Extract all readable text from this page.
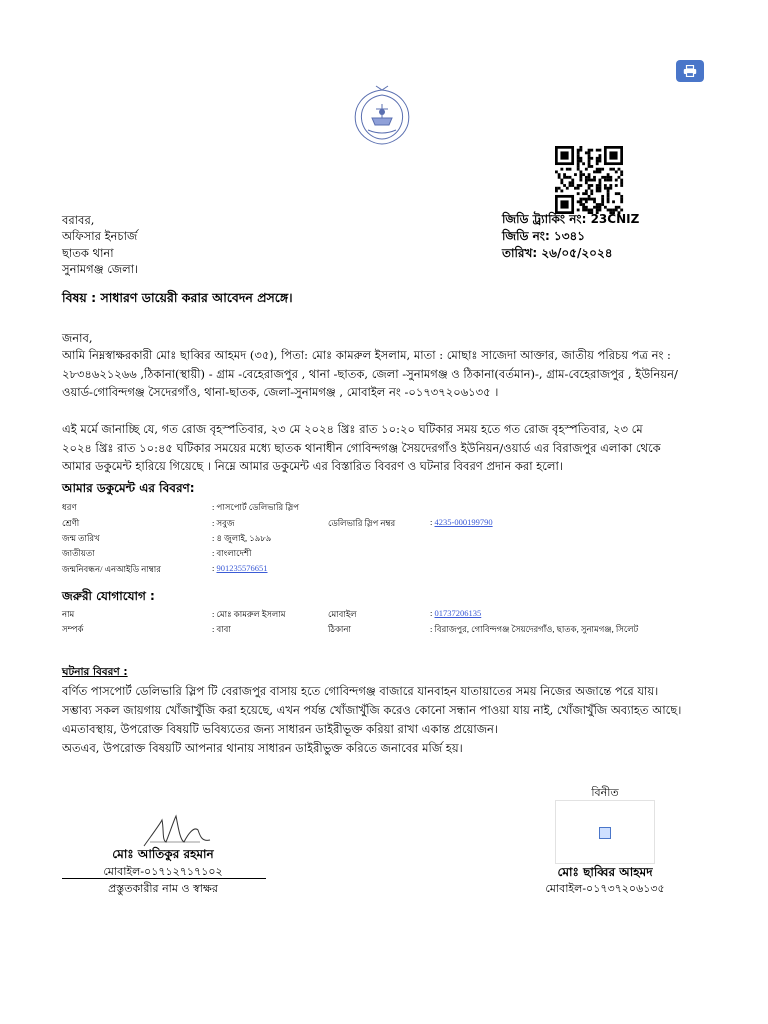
জিডি ট্র্যাকিং নং: 23CNIZ
জিডি নং: ১৩৪১
তারিখ: ২৬/০৫/২০২৪
বরাবর,
অফিসার ইনচার্জ
ছাতক থানা
সুনামগঞ্জ জেলা।
বিষয় : সাধারণ ডায়েরী করার আবেদন প্রসঙ্গে।
জনাব,
আমি নিম্নস্বাক্ষরকারী মোঃ ছাব্বির আহমদ (৩৫), পিতা: মোঃ কামরুল ইসলাম, মাতা : মোছাঃ সাজেদা আক্তার, জাতীয় পরিচয় পত্র নং :
২৮৩৪৬২১২৬৬ ,ঠিকানা(স্থায়ী) - গ্রাম -বেহেরাজপুর , থানা -ছাতক, জেলা -সুনামগঞ্জ ও ঠিকানা(বর্তমান)-, গ্রাম-বেহেরাজপুর , ইউনিয়ন/
ওয়ার্ড-গোবিন্দগঞ্জ সৈদেরগাঁও, থানা-ছাতক, জেলা-সুনামগঞ্জ , মোবাইল নং -০১৭৩৭২০৬১৩৫ ।
এই মর্মে জানাচ্ছি যে, গত রোজ বৃহস্পতিবার, ২৩ মে ২০২৪ খ্রিঃ রাত ১০:২০ ঘটিকার সময় হতে গত রোজ বৃহস্পতিবার, ২৩ মে
২০২৪ খ্রিঃ রাত ১০:৪৫ ঘটিকার সময়ের মধ্যে ছাতক থানাধীন গোবিন্দগঞ্জ সৈয়দেরগাঁও ইউনিয়ন/ওয়ার্ড এর বিরাজপুর এলাকা থেকে
আমার ডকুমেন্ট হারিয়ে গিয়েছে । নিম্নে আমার ডকুমেন্ট এর বিস্তারিত বিবরণ ও ঘটনার বিবরণ প্রদান করা হলো।
আমার ডকুমেন্ট এর বিবরণ:
ধরণ	: পাসপোর্ট ডেলিভারি স্লিপ
শ্রেণী	: সবুজ	ডেলিভারি স্লিপ নম্বর	: 4235-000199790
জন্ম তারিখ	: ৪ জুলাই, ১৯৮৯
জাতীয়তা	: বাংলাদেশী
জন্মনিবন্ধন/ এনআইডি নাম্বার	: 901235576651
জরুরী যোগাযোগ :
নাম	: মোঃ কামরুল ইসলাম	মোবাইল	: 01737206135
সম্পর্ক	: বাবা	ঠিকানা	: বিরাজপুর, গোবিন্দগঞ্জ সৈয়দেরগাঁও, ছাতক, সুনামগঞ্জ, সিলেট
ঘটনার বিবরণ :
বর্ণিত পাসপোর্ট ডেলিভারি স্লিপ টি বেরাজপুর বাসায় হতে গোবিন্দগঞ্জ বাজারে যানবাহন যাতায়াতের সময় নিজের অজান্তে পরে যায়।
সম্ভাব্য সকল জায়গায় খোঁজাখুঁজি করা হয়েছে, এখন পর্যন্ত খোঁজাখুঁজি করেও কোনো সন্ধান পাওয়া যায় নাই, খোঁজাখুঁজি অব্যাহত আছে।
এমতাবস্থায়, উপরোক্ত বিষয়টি ভবিষ্যতের জন্য সাধারন ডাইরীভূক্ত করিয়া রাখা একান্ত প্রয়োজন।
অতএব, উপরোক্ত বিষয়টি আপনার থানায় সাধারন ডাইরীভুক্ত করিতে জনাবের মর্জি হয়।
মোঃ আতিকুর রহমান
মোবাইল-০১৭১২৭১৭১০২
প্রস্তুতকারীর নাম ও স্বাক্ষর
বিনীত
মোঃ ছাব্বির আহমদ
মোবাইল-০১৭৩৭২০৬১৩৫
